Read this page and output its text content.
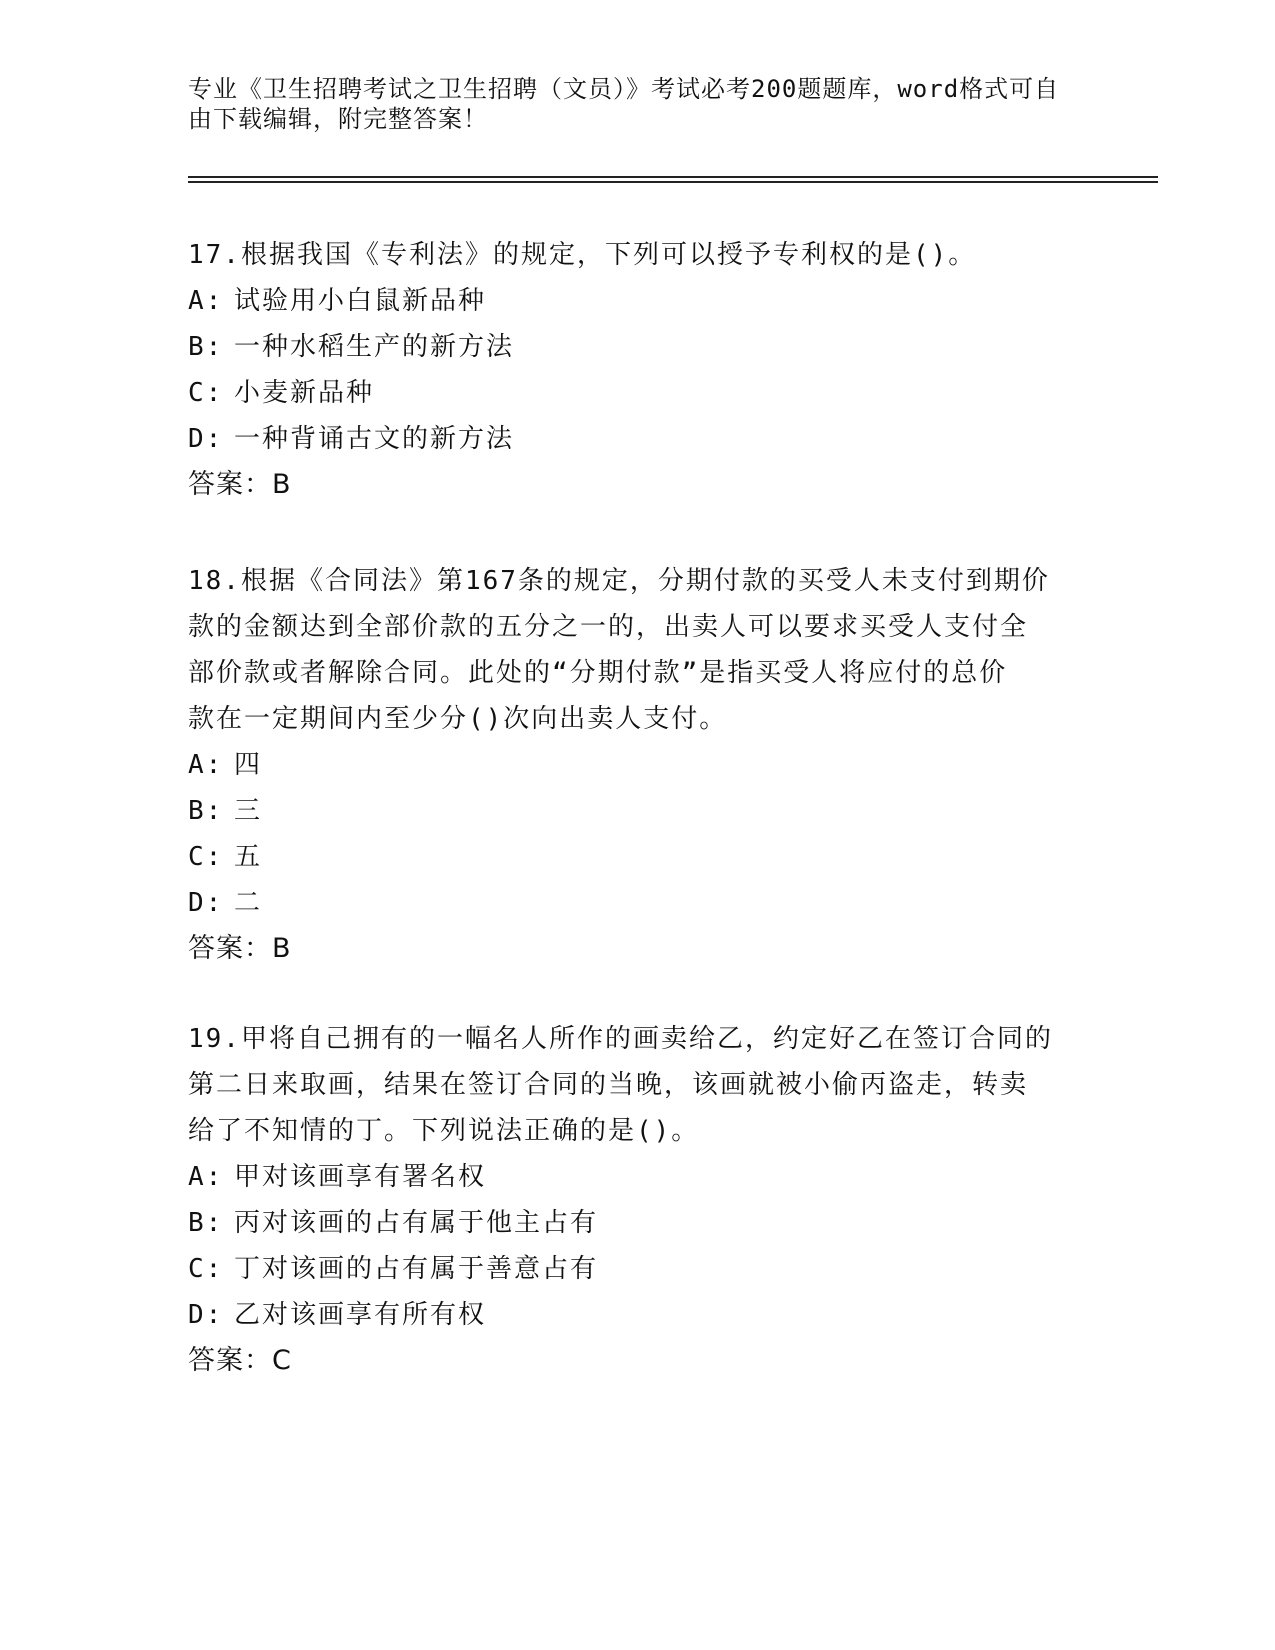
专业《卫生招聘考试之卫生招聘（文员）》考试必考200题题库，word格式可自
由下载编辑，附完整答案！
17.根据我国《专利法》的规定，下列可以授予专利权的是()。
A: 试验用小白鼠新品种
B: 一种水稻生产的新方法
C: 小麦新品种
D: 一种背诵古文的新方法
答案：B
18.根据《合同法》第167条的规定，分期付款的买受人未支付到期价
款的金额达到全部价款的五分之一的，出卖人可以要求买受人支付全
部价款或者解除合同。此处的“分期付款”是指买受人将应付的总价
款在一定期间内至少分()次向出卖人支付。
A: 四
B: 三
C: 五
D: 二
答案：B
19.甲将自己拥有的一幅名人所作的画卖给乙，约定好乙在签订合同的
第二日来取画，结果在签订合同的当晚，该画就被小偷丙盗走，转卖
给了不知情的丁。下列说法正确的是()。
A: 甲对该画享有署名权
B: 丙对该画的占有属于他主占有
C: 丁对该画的占有属于善意占有
D: 乙对该画享有所有权
答案：C
